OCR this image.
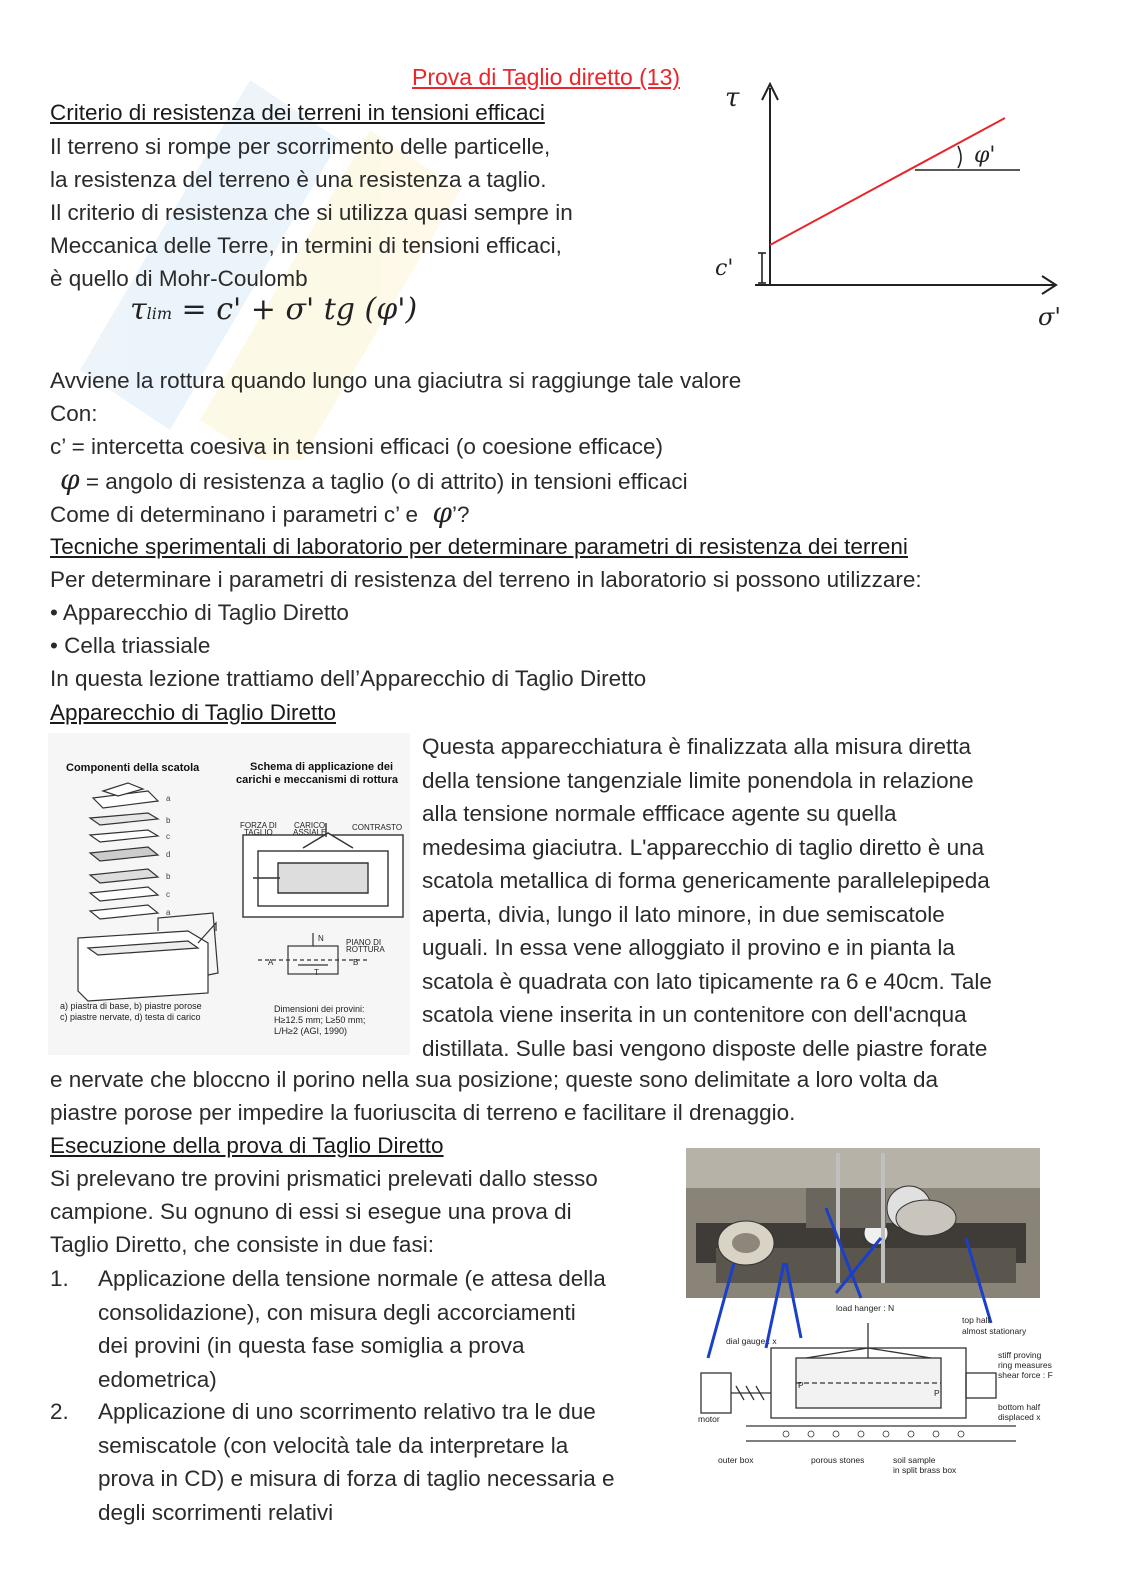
Prova di Taglio diretto (13)
Criterio di resistenza dei terreni in tensioni efficaci
Il terreno si rompe per scorrimento delle particelle,
la resistenza del terreno è una resistenza a taglio.
Il criterio di resistenza che si utilizza quasi sempre in
Meccanica delle Terre, in termini di tensioni efficaci,
è quello di Mohr-Coulomb
τlim = c' + σ' tg (φ')
τ
σ'
c'
φ'
Avviene la rottura quando lungo una giaciutra si raggiunge tale valore
Con:
c’ = intercetta coesiva in tensioni efficaci (o coesione efficace)
φ = angolo di resistenza a taglio (o di attrito) in tensioni efficaci
Come di determinano i parametri c’ e φ’?
Tecniche sperimentali di laboratorio per determinare parametri di resistenza dei terreni
Per determinare i parametri di resistenza del terreno in laboratorio si possono utilizzare:
• Apparecchio di Taglio Diretto
• Cella triassiale
In questa lezione trattiamo dell’Apparecchio di Taglio Diretto
Apparecchio di Taglio Diretto
Componenti della scatola	Schema di applicazione dei
carichi e meccanismi di rottura
a
b
c
d
b
c
a
FORZA DI
TAGLIO
CARICO
ASSIALE
CONTRASTO
N
T
A	B
PIANO DI
ROTTURA
a) piastra di base, b) piastre porose
c) piastre nervate, d) testa di carico
Dimensioni dei provini:
H≥12.5 mm; L≥50 mm;
L/H≥2 (AGI, 1990)
Questa apparecchiatura è finalizzata alla misura diretta
della tensione tangenziale limite ponendola in relazione
alla tensione normale effficace agente su quella
medesima giaciutra. L'apparecchio di taglio diretto è una
scatola metallica di forma genericamente parallelepipeda
aperta, divia, lungo il lato minore, in due semiscatole
uguali. In essa vene alloggiato il provino e in pianta la
scatola è quadrata con lato tipicamente ra 6 e 40cm. Tale
scatola viene inserita in un contenitore con dell'acnqua
distillata. Sulle basi vengono disposte delle piastre forate
e nervate che bloccno il porino nella sua posizione; queste sono delimitate a loro volta da
piastre porose per impedire la fuoriuscita di terreno e facilitare il drenaggio.
Esecuzione della prova di Taglio Diretto
Si prelevano tre provini prismatici prelevati dallo stesso
campione. Su ognuno di essi si esegue una prova di
Taglio Diretto, che consiste in due fasi:
1. Applicazione della tensione normale (e attesa della
consolidazione), con misura degli accorciamenti
dei provini (in questa fase somiglia a prova
edometrica)
2. Applicazione di uno scorrimento relativo tra le due
semiscatole (con velocità tale da interpretare la
prova in CD) e misura di forza di taglio necessaria e
degli scorrimenti relativi
load hanger : N
top half
almost stationary
dial gauge : x
stiff proving
ring measures
shear force : F
bottom half
displaced x
motor
outer box	porous stones	soil sample
in split brass box
P
P
